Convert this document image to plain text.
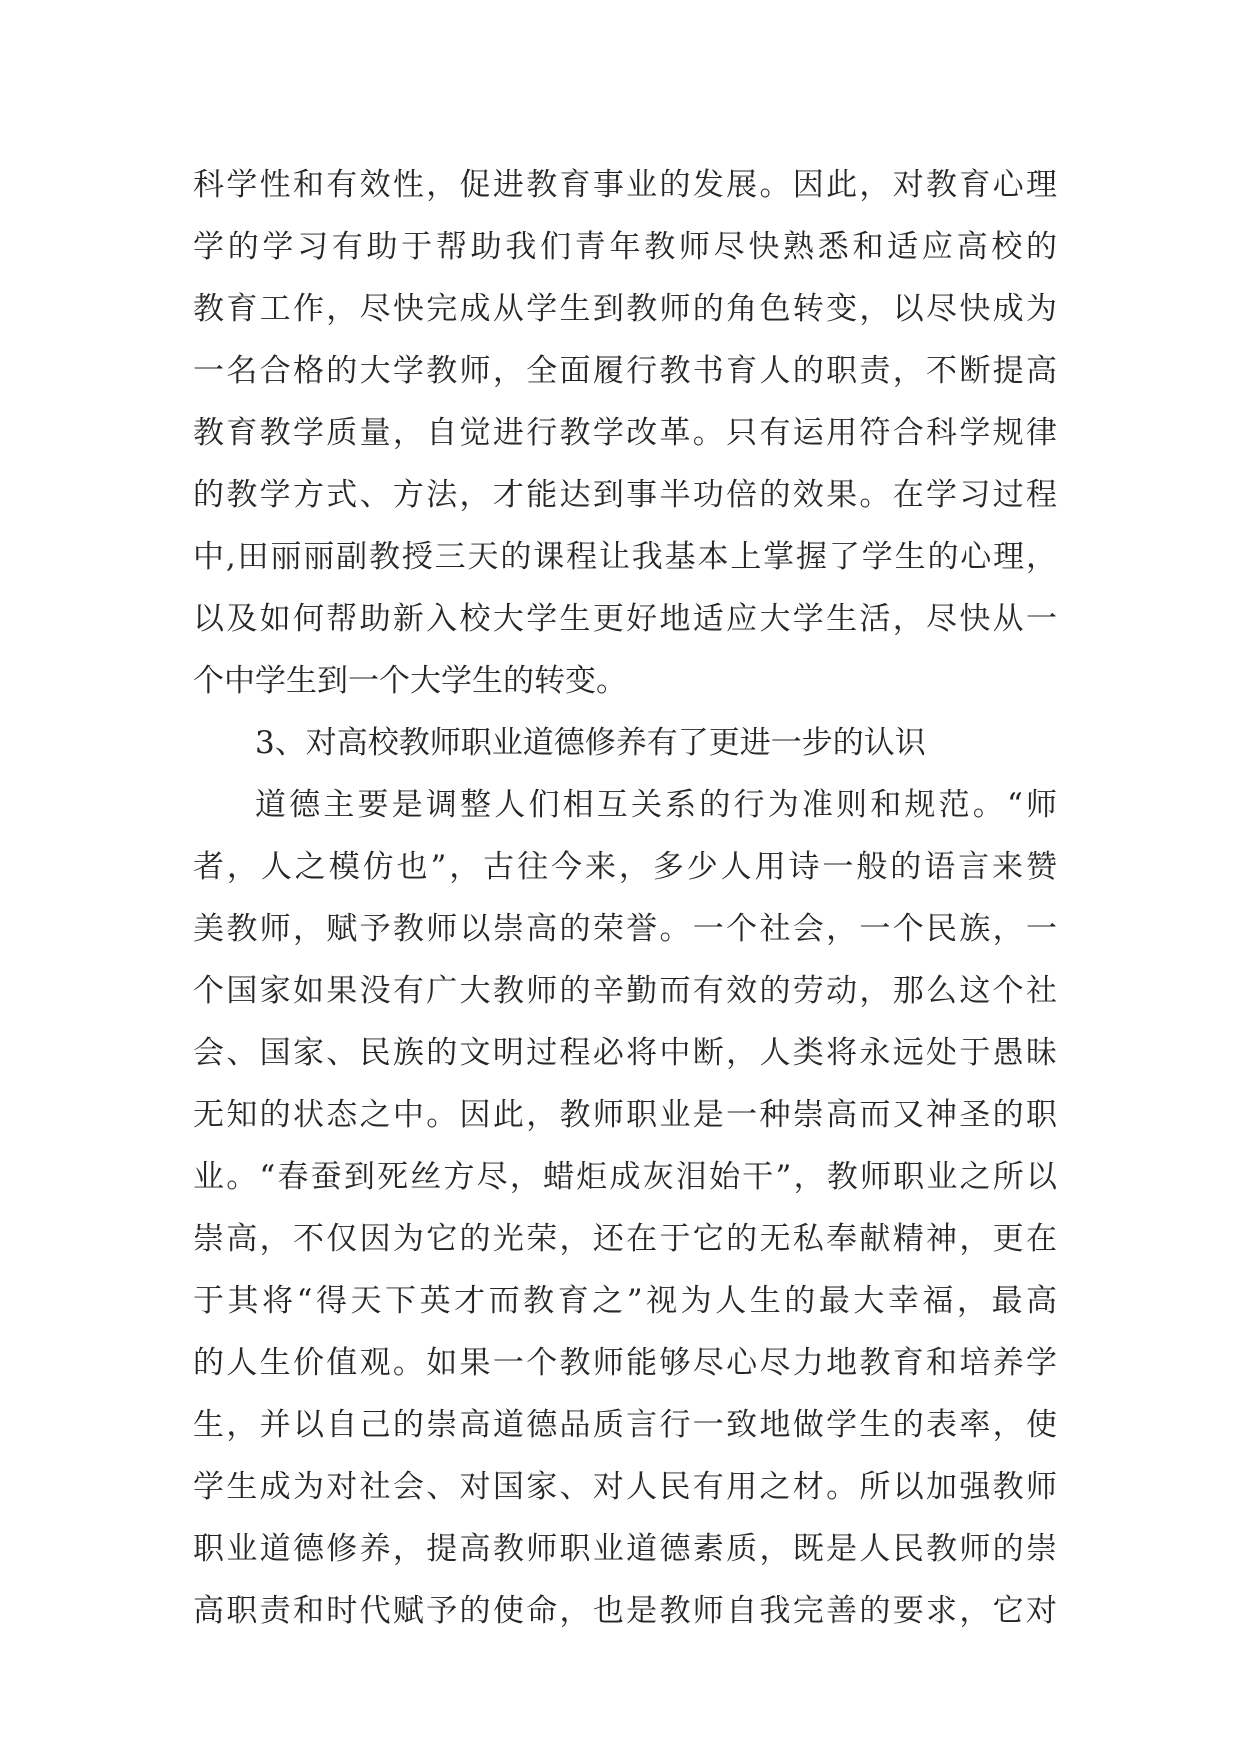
科学性和有效性，促进教育事业的发展。因此，对教育心理
学的学习有助于帮助我们青年教师尽快熟悉和适应高校的
教育工作，尽快完成从学生到教师的角色转变，以尽快成为
一名合格的大学教师，全面履行教书育人的职责，不断提高
教育教学质量，自觉进行教学改革。只有运用符合科学规律
的教学方式、方法，才能达到事半功倍的效果。在学习过程
中,田丽丽副教授三天的课程让我基本上掌握了学生的心理，
以及如何帮助新入校大学生更好地适应大学生活，尽快从一
个中学生到一个大学生的转变。
3、对高校教师职业道德修养有了更进一步的认识
道德主要是调整人们相互关系的行为准则和规范。“师
者，人之模仿也”，古往今来，多少人用诗一般的语言来赞
美教师，赋予教师以崇高的荣誉。一个社会，一个民族，一
个国家如果没有广大教师的辛勤而有效的劳动，那么这个社
会、国家、民族的文明过程必将中断，人类将永远处于愚昧
无知的状态之中。因此，教师职业是一种崇高而又神圣的职
业。“春蚕到死丝方尽，蜡炬成灰泪始干”，教师职业之所以
崇高，不仅因为它的光荣，还在于它的无私奉献精神，更在
于其将“得天下英才而教育之”视为人生的最大幸福，最高
的人生价值观。如果一个教师能够尽心尽力地教育和培养学
生，并以自己的崇高道德品质言行一致地做学生的表率，使
学生成为对社会、对国家、对人民有用之材。所以加强教师
职业道德修养，提高教师职业道德素质，既是人民教师的崇
高职责和时代赋予的使命，也是教师自我完善的要求，它对
